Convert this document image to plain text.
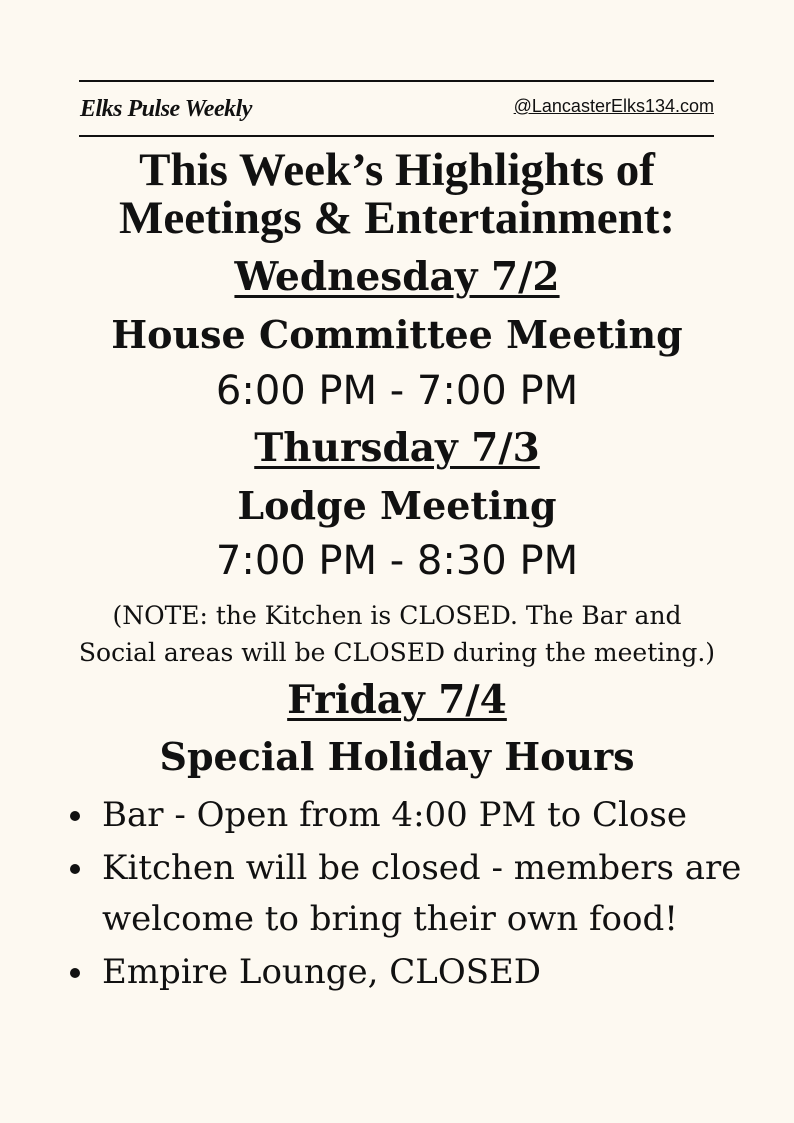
Elks Pulse Weekly	@LancasterElks134.com
This Week’s Highlights of
Meetings & Entertainment:
Wednesday 7/2
House Committee Meeting
6:00 PM - 7:00 PM
Thursday 7/3
Lodge Meeting
7:00 PM - 8:30 PM
(NOTE: the Kitchen is CLOSED. The Bar and
Social areas will be CLOSED during the meeting.)
Friday 7/4
Special Holiday Hours
Bar - Open from 4:00 PM to Close
Kitchen will be closed - members are welcome to bring their own food!
Empire Lounge, CLOSED
